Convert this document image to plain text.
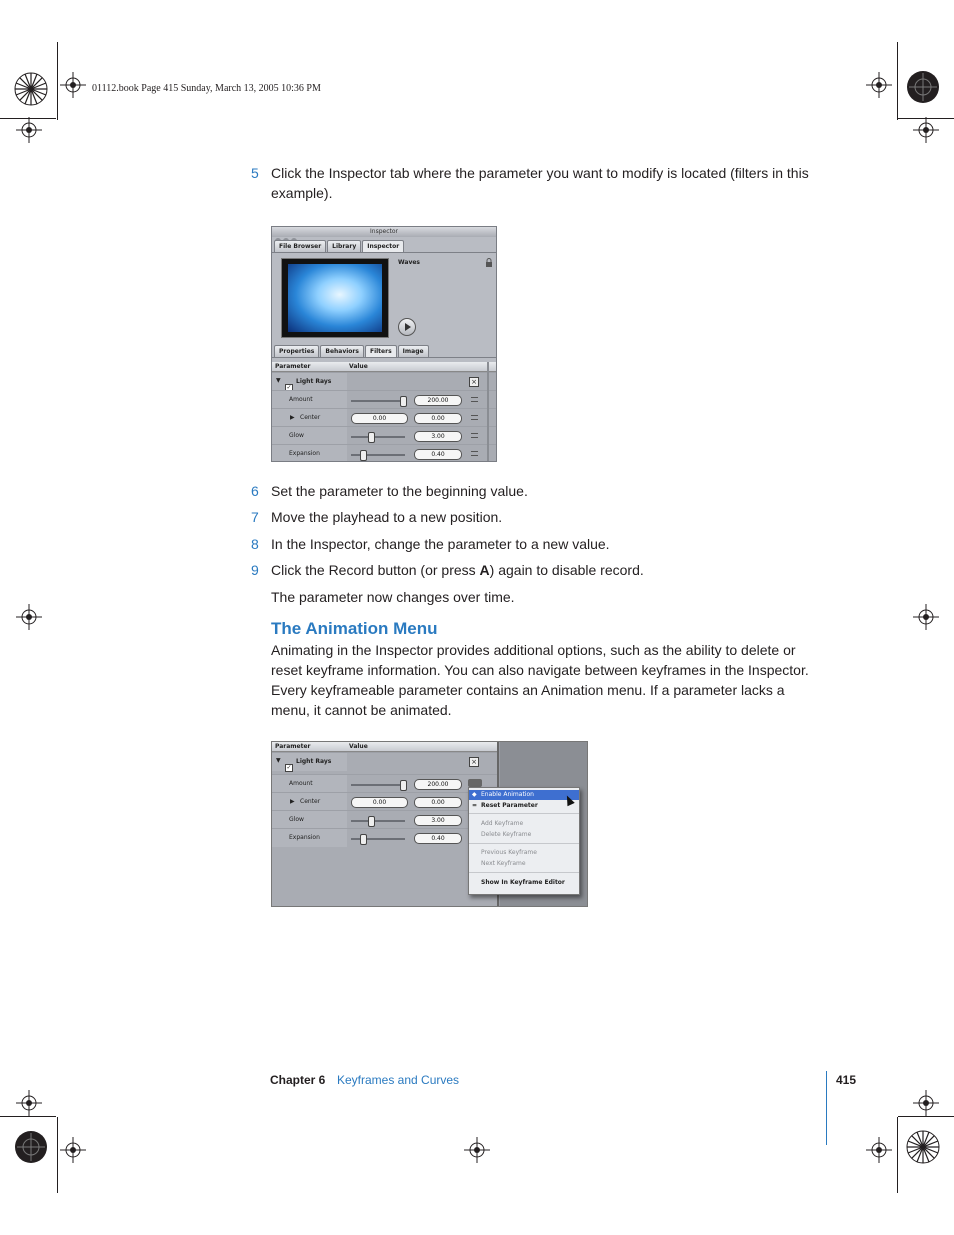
01112.book Page 415 Sunday, March 13, 2005 10:36 PM
5 Click the Inspector tab where the parameter you want to modify is located (filters in this example).
Inspector
File Browser	Library	Inspector
Waves
Properties	Behaviors	Filters	Image
Parameter	Value
▼
✓
Light Rays	×
Amount	200.00
▶ Center	0.00	0.00
Glow	3.00
Expansion	0.40
6 Set the parameter to the beginning value.
7 Move the playhead to a new position.
8 In the Inspector, change the parameter to a new value.
9 Click the Record button (or press A) again to disable record.
The parameter now changes over time.
The Animation Menu
Animating in the Inspector provides additional options, such as the ability to delete or reset keyframe information. You can also navigate between keyframes in the Inspector. Every keyframeable parameter contains an Animation menu. If a parameter lacks a menu, it cannot be animated.
Parameter	Value
▼
✓
Light Rays	×
Amount	200.00
▶ Center	0.00	0.00
Glow	3.00
Expansion	0.40
◆ Enable Animation
= Reset Parameter
Add Keyframe
Delete Keyframe
Previous Keyframe
Next Keyframe
Show In Keyframe Editor
Chapter 6 Keyframes and Curves	415
